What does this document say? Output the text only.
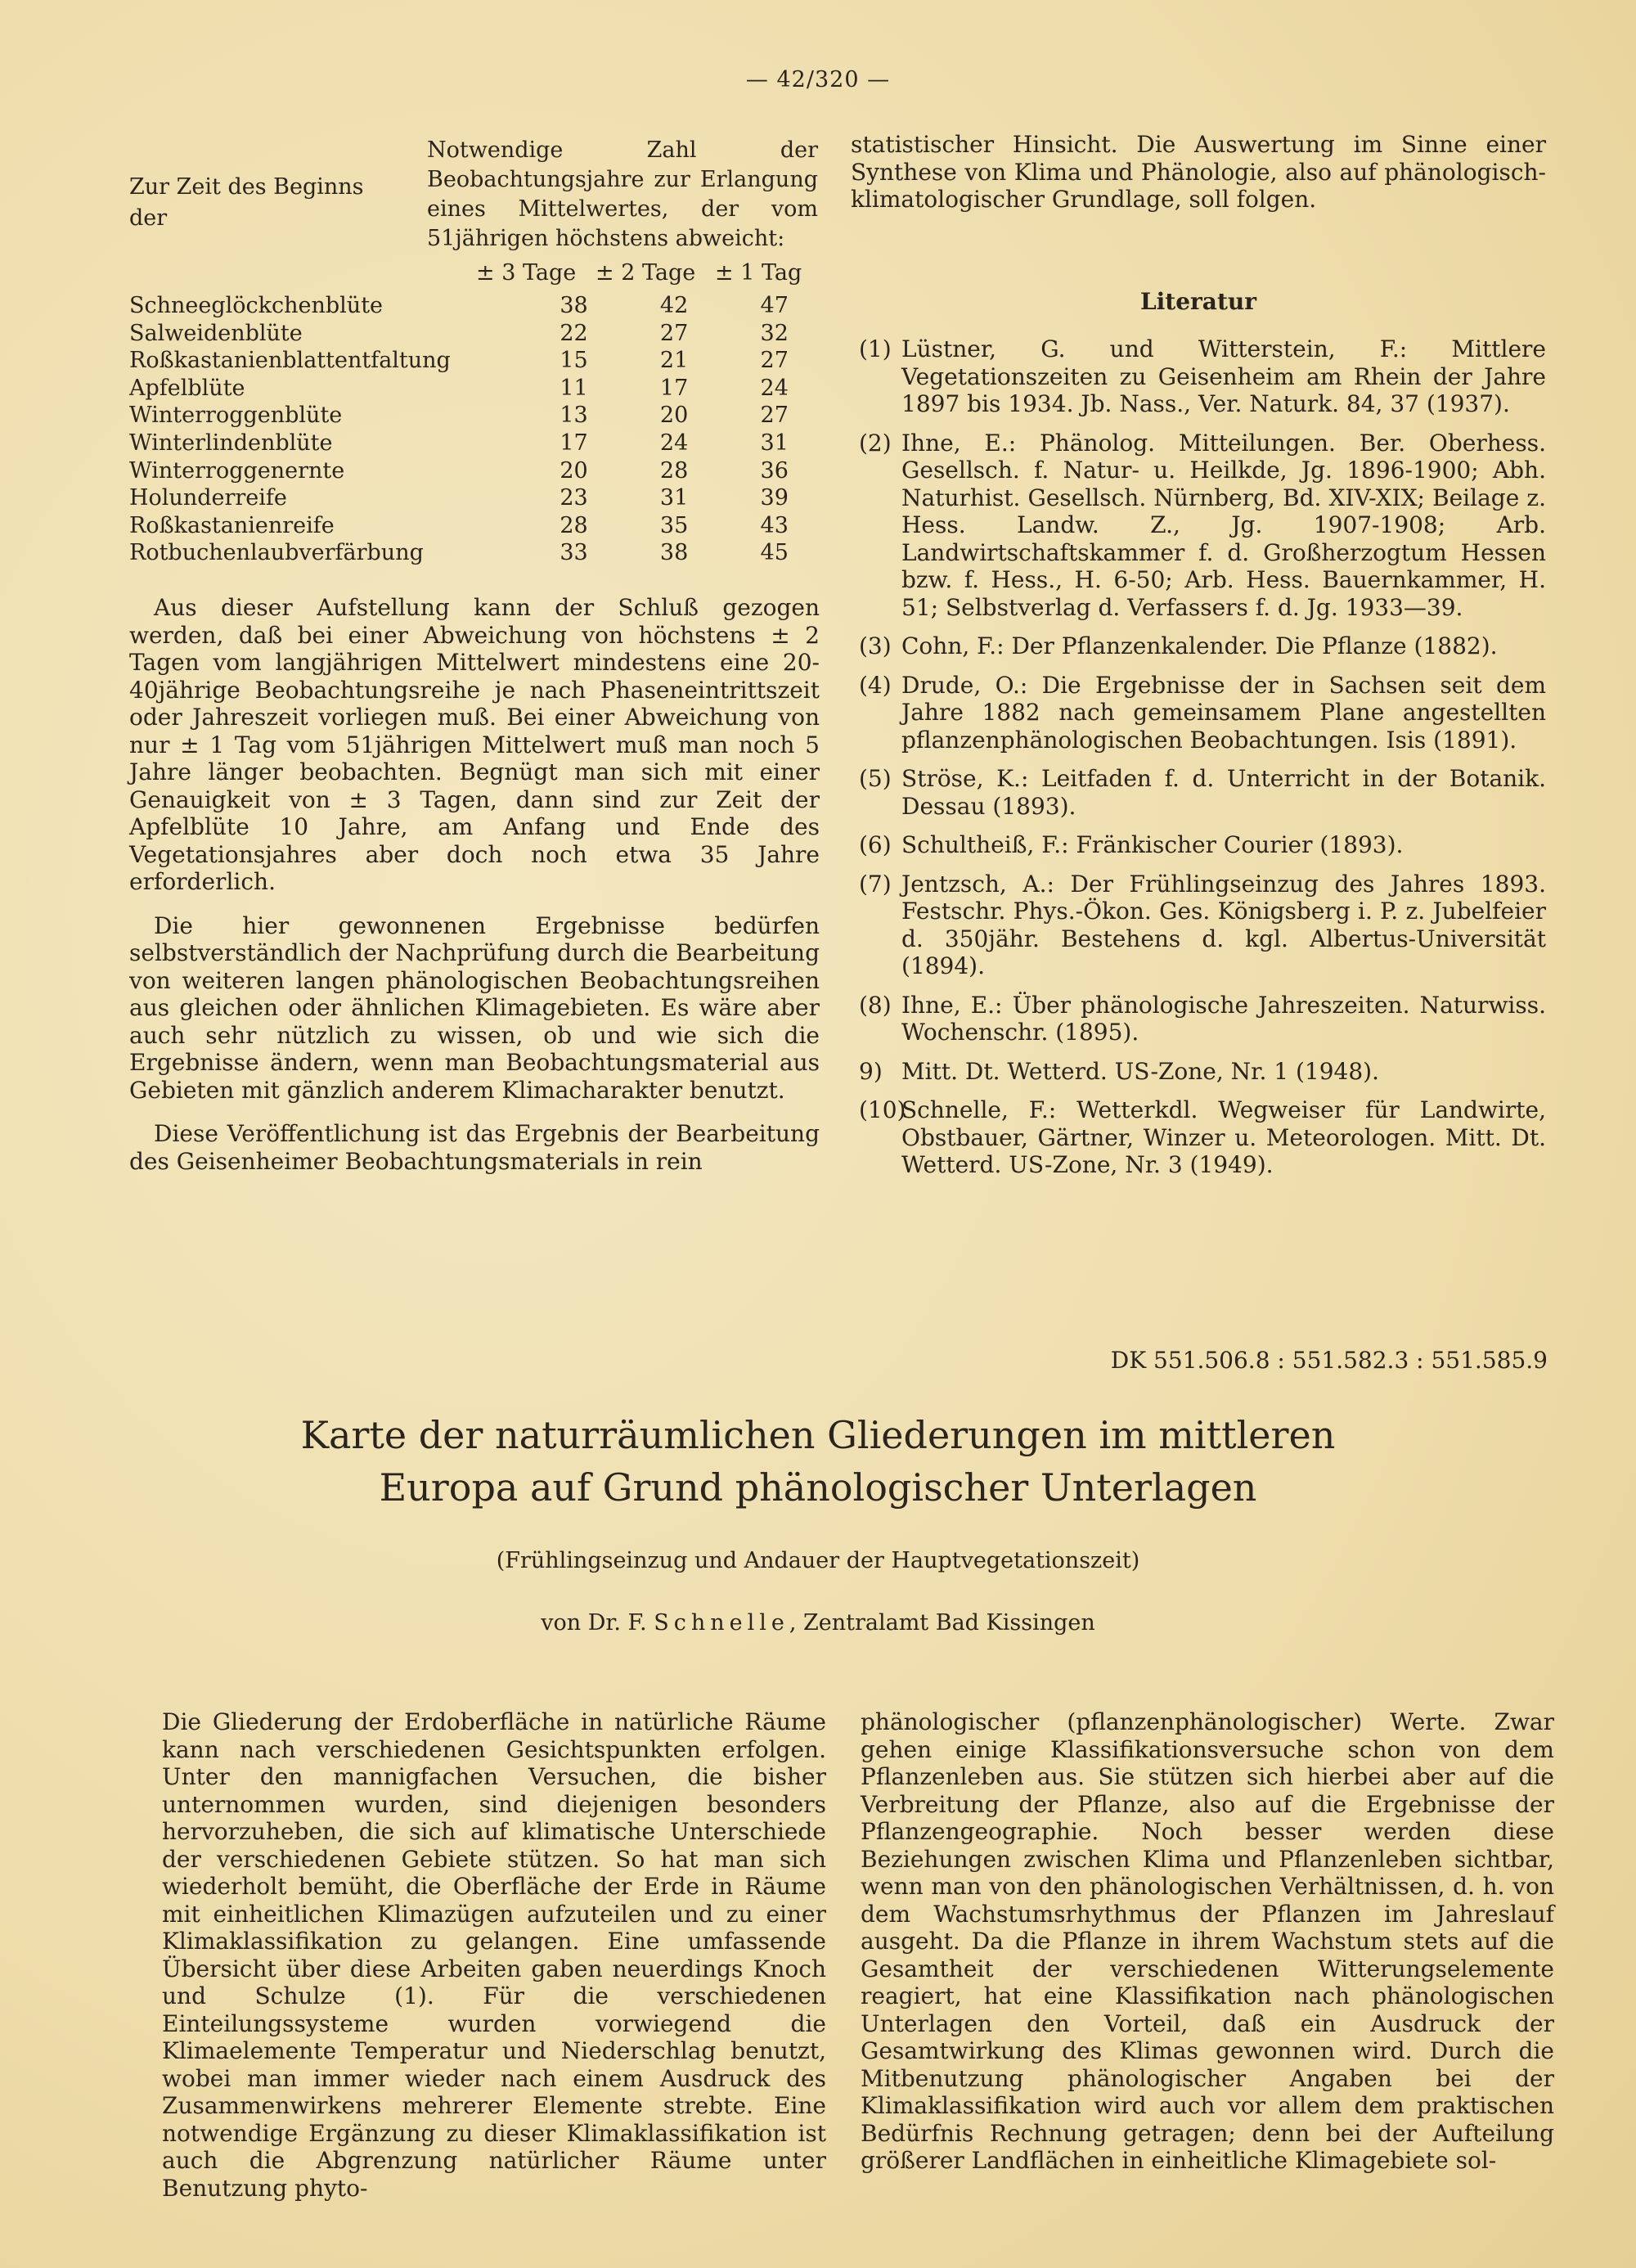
— 42/320 —
Zur Zeit des Beginns der
Notwendige Zahl der Beobachtungsjahre zur Erlangung eines Mittelwertes, der vom 51jährigen höchstens abweicht:
± 3 Tage ± 2 Tage ± 1 Tag
Schneeglöckchenblüte	38	42	47
Salweidenblüte	22	27	32
Roßkastanienblattentfaltung	15	21	27
Apfelblüte	11	17	24
Winterroggenblüte	13	20	27
Winterlindenblüte	17	24	31
Winterroggenernte	20	28	36
Holunderreife	23	31	39
Roßkastanienreife	28	35	43
Rotbuchenlaubverfärbung	33	38	45

Aus dieser Aufstellung kann der Schluß gezogen werden, daß bei einer Abweichung von höchstens ± 2 Tagen vom langjährigen Mittelwert mindestens eine 20-40jährige Beobachtungsreihe je nach Phaseneintrittszeit oder Jahreszeit vorliegen muß. Bei einer Abweichung von nur ± 1 Tag vom 51jährigen Mittelwert muß man noch 5 Jahre länger beobachten. Begnügt man sich mit einer Genauigkeit von ± 3 Tagen, dann sind zur Zeit der Apfelblüte 10 Jahre, am Anfang und Ende des Vegetationsjahres aber doch noch etwa 35 Jahre erforderlich.

Die hier gewonnenen Ergebnisse bedürfen selbstverständlich der Nachprüfung durch die Bearbeitung von weiteren langen phänologischen Beobachtungsreihen aus gleichen oder ähnlichen Klimagebieten. Es wäre aber auch sehr nützlich zu wissen, ob und wie sich die Ergebnisse ändern, wenn man Beobachtungsmaterial aus Gebieten mit gänzlich anderem Klimacharakter benutzt.

Diese Veröffentlichung ist das Ergebnis der Bearbeitung des Geisenheimer Beobachtungsmaterials in rein

statistischer Hinsicht. Die Auswertung im Sinne einer Synthese von Klima und Phänologie, also auf phänologisch-klimatologischer Grundlage, soll folgen.

Literatur
(1) Lüstner, G. und Witterstein, F.: Mittlere Vegetationszeiten zu Geisenheim am Rhein der Jahre 1897 bis 1934. Jb. Nass., Ver. Naturk. 84, 37 (1937).
(2) Ihne, E.: Phänolog. Mitteilungen. Ber. Oberhess. Gesellsch. f. Natur- u. Heilkde, Jg. 1896-1900; Abh. Naturhist. Gesellsch. Nürnberg, Bd. XIV-XIX; Beilage z. Hess. Landw. Z., Jg. 1907-1908; Arb. Landwirtschaftskammer f. d. Großherzogtum Hessen bzw. f. Hess., H. 6-50; Arb. Hess. Bauernkammer, H. 51; Selbstverlag d. Verfassers f. d. Jg. 1933—39.
(3) Cohn, F.: Der Pflanzenkalender. Die Pflanze (1882).
(4) Drude, O.: Die Ergebnisse der in Sachsen seit dem Jahre 1882 nach gemeinsamem Plane angestellten pflanzenphänologischen Beobachtungen. Isis (1891).
(5) Ströse, K.: Leitfaden f. d. Unterricht in der Botanik. Dessau (1893).
(6) Schultheiß, F.: Fränkischer Courier (1893).
(7) Jentzsch, A.: Der Frühlingseinzug des Jahres 1893. Festschr. Phys.-Ökon. Ges. Königsberg i. P. z. Jubelfeier d. 350jähr. Bestehens d. kgl. Albertus-Universität (1894).
(8) Ihne, E.: Über phänologische Jahreszeiten. Naturwiss. Wochenschr. (1895).
9) Mitt. Dt. Wetterd. US-Zone, Nr. 1 (1948).
(10)
Schnelle, F.: Wetterkdl. Wegweiser für Landwirte, Obstbauer, Gärtner, Winzer u. Meteorologen. Mitt. Dt. Wetterd. US-Zone, Nr. 3 (1949).
DK 551.506.8 : 551.582.3 : 551.585.9
Karte der naturräumlichen Gliederungen im mittleren Europa auf Grund phänologischer Unterlagen
(Frühlingseinzug und Andauer der Hauptvegetationszeit)
von Dr. F. Schnelle, Zentralamt Bad Kissingen

Die Gliederung der Erdoberfläche in natürliche Räume kann nach verschiedenen Gesichtspunkten erfolgen. Unter den mannigfachen Versuchen, die bisher unternommen wurden, sind diejenigen besonders hervorzuheben, die sich auf klimatische Unterschiede der verschiedenen Gebiete stützen. So hat man sich wiederholt bemüht, die Oberfläche der Erde in Räume mit einheitlichen Klimazügen aufzuteilen und zu einer Klimaklassifikation zu gelangen. Eine umfassende Übersicht über diese Arbeiten gaben neuerdings Knoch und Schulze (1). Für die verschiedenen Einteilungssysteme wurden vorwiegend die Klimaelemente Temperatur und Niederschlag benutzt, wobei man immer wieder nach einem Ausdruck des Zusammenwirkens mehrerer Elemente strebte. Eine notwendige Ergänzung zu dieser Klimaklassifikation ist auch die Abgrenzung natürlicher Räume unter Benutzung phyto-

phänologischer (pflanzenphänologischer) Werte. Zwar gehen einige Klassifikationsversuche schon von dem Pflanzenleben aus. Sie stützen sich hierbei aber auf die Verbreitung der Pflanze, also auf die Ergebnisse der Pflanzengeographie. Noch besser werden diese Beziehungen zwischen Klima und Pflanzenleben sichtbar, wenn man von den phänologischen Verhältnissen, d. h. von dem Wachstumsrhythmus der Pflanzen im Jahreslauf ausgeht. Da die Pflanze in ihrem Wachstum stets auf die Gesamtheit der verschiedenen Witterungselemente reagiert, hat eine Klassifikation nach phänologischen Unterlagen den Vorteil, daß ein Ausdruck der Gesamtwirkung des Klimas gewonnen wird. Durch die Mitbenutzung phänologischer Angaben bei der Klimaklassifikation wird auch vor allem dem praktischen Bedürfnis Rechnung getragen; denn bei der Aufteilung größerer Landflächen in einheitliche Klimagebiete sol-
